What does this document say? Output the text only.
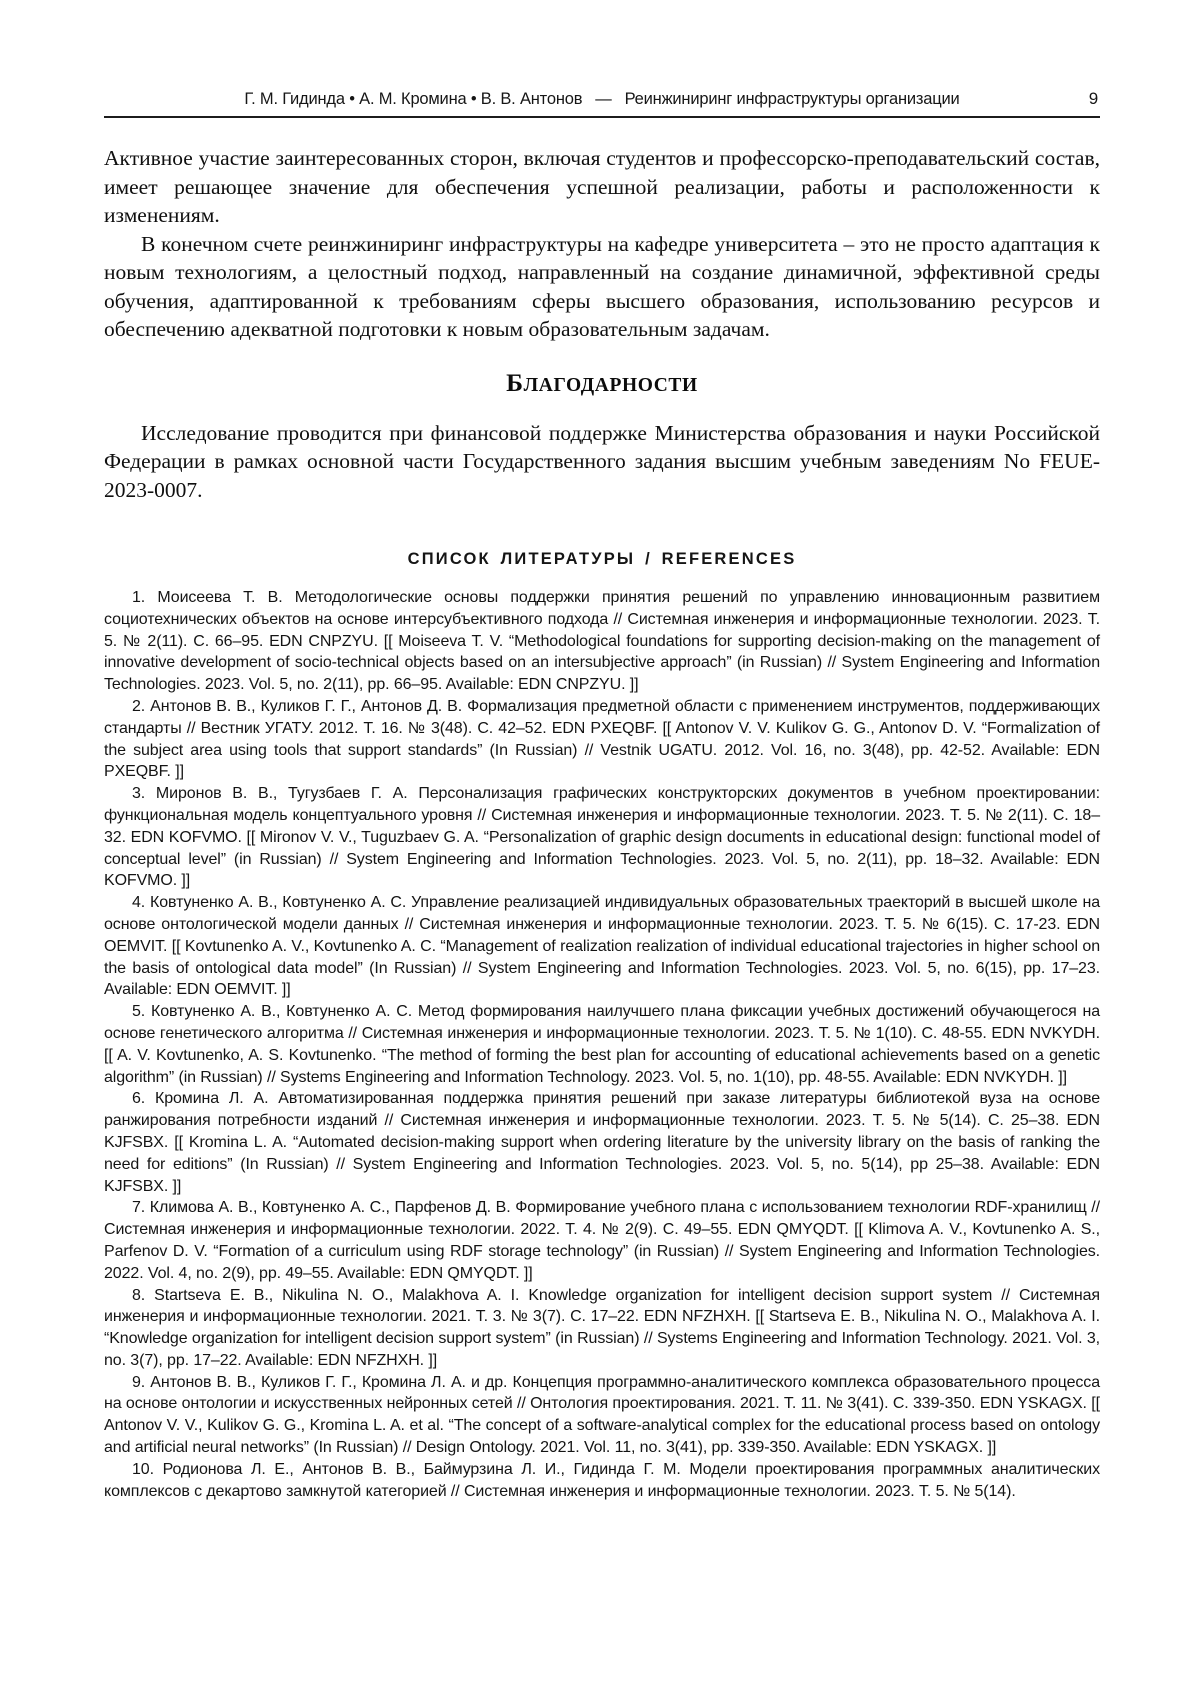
Г. М. Гидинда • А. М. Кромина • В. В. Антонов — Реинжиниринг инфраструктуры организации	9

Активное участие заинтересованных сторон, включая студентов и профессорско-преподавательский состав, имеет решающее значение для обеспечения успешной реализации, работы и расположенности к изменениям.

В конечном счете реинжиниринг инфраструктуры на кафедре университета – это не просто адаптация к новым технологиям, а целостный подход, направленный на создание динамичной, эффективной среды обучения, адаптированной к требованиям сферы высшего образования, использованию ресурсов и обеспечению адекватной подготовки к новым образовательным задачам.

БЛАГОДАРНОСТИ

Исследование проводится при финансовой поддержке Министерства образования и науки Российской Федерации в рамках основной части Государственного задания высшим учебным заведениям No FEUE-2023-0007.

СПИСОК ЛИТЕРАТУРЫ / REFERENCES

1. Моисеева Т. В. Методологические основы поддержки принятия решений по управлению инновационным развитием социотехнических объектов на основе интерсубъективного подхода // Системная инженерия и информационные технологии. 2023. Т. 5. № 2(11). С. 66–95. EDN CNPZYU. [[ Moiseeva T. V. “Methodological foundations for supporting decision-making on the management of innovative development of socio-technical objects based on an intersubjective approach” (in Russian) // System Engineering and Information Technologies. 2023. Vol. 5, no. 2(11), pp. 66–95. Available: EDN CNPZYU. ]]

2. Антонов В. В., Куликов Г. Г., Антонов Д. В. Формализация предметной области с применением инструментов, поддерживающих стандарты // Вестник УГАТУ. 2012. Т. 16. № 3(48). С. 42–52. EDN PXEQBF. [[ Antonov V. V. Kulikov G. G., Antonov D. V. “Formalization of the subject area using tools that support standards” (In Russian) // Vestnik UGATU. 2012. Vol. 16, no. 3(48), pp. 42-52. Available: EDN PXEQBF. ]]

3. Миронов В. В., Тугузбаев Г. А. Персонализация графических конструкторских документов в учебном проектировании: функциональная модель концептуального уровня // Системная инженерия и информационные технологии. 2023. Т. 5. № 2(11). С. 18–32. EDN KOFVMO. [[ Mironov V. V., Tuguzbaev G. A. “Personalization of graphic design documents in educational design: functional model of conceptual level” (in Russian) // System Engineering and Information Technologies. 2023. Vol. 5, no. 2(11), pp. 18–32. Available: EDN KOFVMO. ]]

4. Ковтуненко А. В., Ковтуненко А. С. Управление реализацией индивидуальных образовательных траекторий в высшей школе на основе онтологической модели данных // Системная инженерия и информационные технологии. 2023. Т. 5. № 6(15). С. 17-23. EDN OEMVIT. [[ Kovtunenko A. V., Kovtunenko A. C. “Management of realization realization of individual educational trajectories in higher school on the basis of ontological data model” (In Russian) // System Engineering and Information Technologies. 2023. Vol. 5, no. 6(15), pp. 17–23. Available: EDN OEMVIT. ]]

5. Ковтуненко А. В., Ковтуненко А. С. Метод формирования наилучшего плана фиксации учебных достижений обучающегося на основе генетического алгоритма // Системная инженерия и информационные технологии. 2023. Т. 5. № 1(10). С. 48-55. EDN NVKYDH. [[ A. V. Kovtunenko, A. S. Kovtunenko. “The method of forming the best plan for accounting of educational achievements based on a genetic algorithm” (in Russian) // Systems Engineering and Information Technology. 2023. Vol. 5, no. 1(10), pp. 48-55. Available: EDN NVKYDH. ]]

6. Кромина Л. А. Автоматизированная поддержка принятия решений при заказе литературы библиотекой вуза на основе ранжирования потребности изданий // Системная инженерия и информационные технологии. 2023. Т. 5. № 5(14). С. 25–38. EDN KJFSBX. [[ Kromina L. A. “Automated decision-making support when ordering literature by the university library on the basis of ranking the need for editions” (In Russian) // System Engineering and Information Technologies. 2023. Vol. 5, no. 5(14), pp 25–38. Available: EDN KJFSBX. ]]

7. Климова А. В., Ковтуненко А. С., Парфенов Д. В. Формирование учебного плана с использованием технологии RDF-хранилищ // Системная инженерия и информационные технологии. 2022. Т. 4. № 2(9). С. 49–55. EDN QMYQDT. [[ Klimova A. V., Kovtunenko A. S., Parfenov D. V. “Formation of a curriculum using RDF storage technology” (in Russian) // System Engineering and Information Technologies. 2022. Vol. 4, no. 2(9), pp. 49–55. Available: EDN QMYQDT. ]]

8. Startseva E. B., Nikulina N. O., Malakhova A. I. Knowledge organization for intelligent decision support system // Системная инженерия и информационные технологии. 2021. Т. 3. № 3(7). С. 17–22. EDN NFZHXH. [[ Startseva E. B., Nikulina N. O., Malakhova A. I. “Knowledge organization for intelligent decision support system” (in Russian) // Systems Engineering and Information Technology. 2021. Vol. 3, no. 3(7), pp. 17–22. Available: EDN NFZHXH. ]]

9. Антонов В. В., Куликов Г. Г., Кромина Л. А. и др. Концепция программно-аналитического комплекса образовательного процесса на основе онтологии и искусственных нейронных сетей // Онтология проектирования. 2021. Т. 11. № 3(41). С. 339-350. EDN YSKAGX. [[ Antonov V. V., Kulikov G. G., Kromina L. A. et al. “The concept of a software-analytical complex for the educational process based on ontology and artificial neural networks” (In Russian) // Design Ontology. 2021. Vol. 11, no. 3(41), pp. 339-350. Available: EDN YSKAGX. ]]

10. Родионова Л. Е., Антонов В. В., Баймурзина Л. И., Гидинда Г. М. Модели проектирования программных аналитических комплексов с декартово замкнутой категорией // Системная инженерия и информационные технологии. 2023. Т. 5. № 5(14).
